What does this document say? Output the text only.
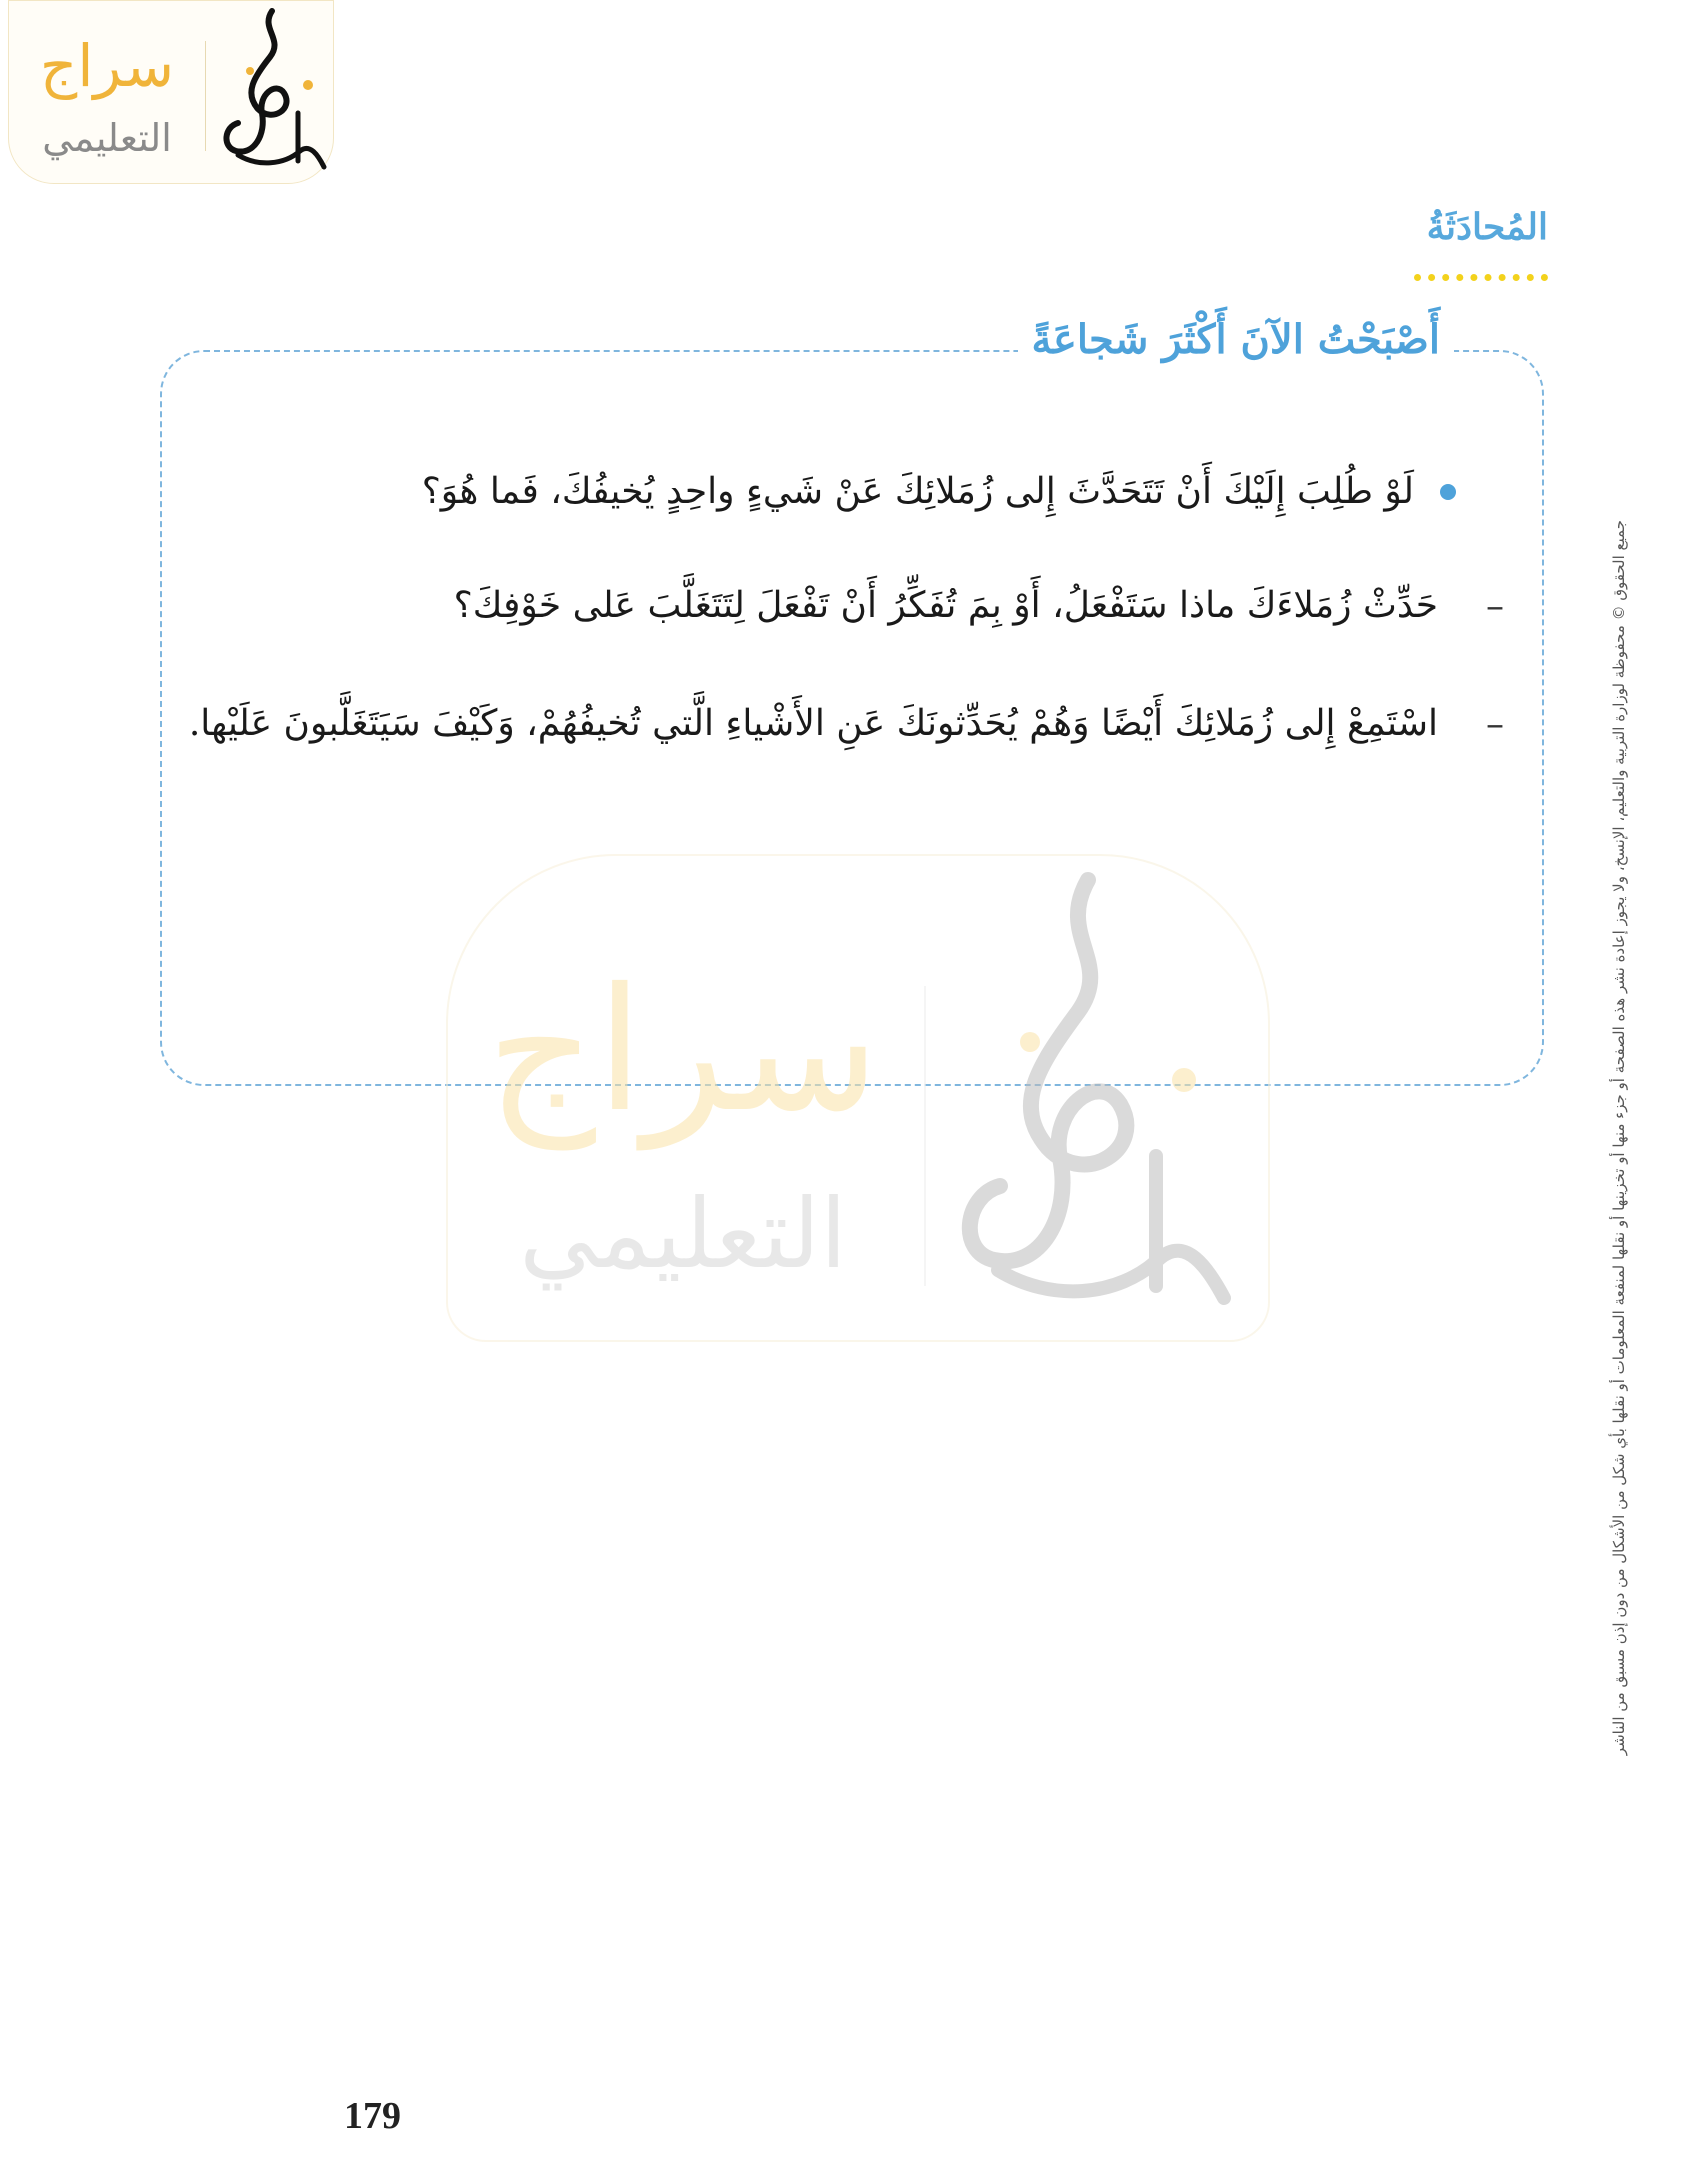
سراج
التعليمي
المُحادَثَةُ
أَصْبَحْتُ الآنَ أَكْثَرَ شَجاعَةً
لَوْ طُلِبَ إِلَيْكَ أَنْ تَتَحَدَّثَ إِلى زُمَلائِكَ عَنْ شَيءٍ واحِدٍ يُخيفُكَ، فَما هُوَ؟
–
حَدِّثْ زُمَلاءَكَ ماذا سَتَفْعَلُ، أَوْ بِمَ تُفَكِّرُ أَنْ تَفْعَلَ لِتَتَغَلَّبَ عَلى خَوْفِكَ؟
–
اسْتَمِعْ إِلى زُمَلائِكَ أَيْضًا وَهُمْ يُحَدِّثونَكَ عَنِ الأَشْياءِ الَّتي تُخيفُهُمْ، وَكَيْفَ سَيَتَغَلَّبونَ عَلَيْها.
سراج
التعليمي	جميع الحقوق © محفوظة لوزارة التربية والتعليم، الإنسخ، ولا يجوز إعادة نشر هذه الصفحة أو جزء منها أو تخزينها أو نقلها لمنفعة المعلومات أو نقلها بأي شكل من الأشكال من دون إذن مسبق من الناشر
179
